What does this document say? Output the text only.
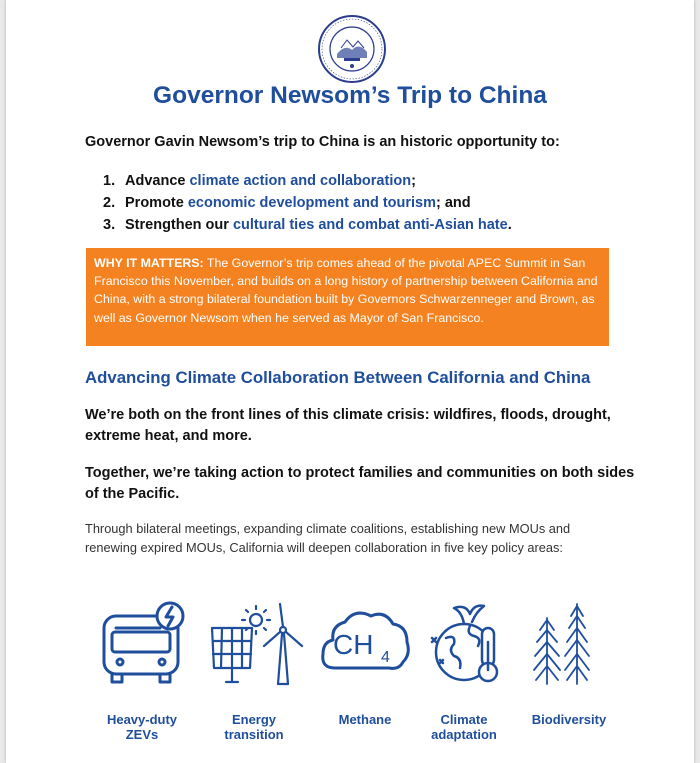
Governor Newsom’s Trip to China

Governor Gavin Newsom’s trip to China is an historic opportunity to:

1. Advance climate action and collaboration;
2. Promote economic development and tourism; and
3. Strengthen our cultural ties and combat anti-Asian hate.
WHY IT MATTERS: The Governor’s trip comes ahead of the pivotal APEC Summit in San Francisco this November, and builds on a long history of partnership between California and China, with a strong bilateral foundation built by Governors Schwarzenneger and Brown, as well as Governor Newsom when he served as Mayor of San Francisco.
Advancing Climate Collaboration Between California and China

We’re both on the front lines of this climate crisis: wildfires, floods, drought, extreme heat, and more.

Together, we’re taking action to protect families and communities on both sides of the Pacific.

Through bilateral meetings, expanding climate coalitions, establishing new MOUs and renewing expired MOUs, California will deepen collaboration in five key policy areas:

CH 4
Heavy-duty
ZEVs
Energy
transition
Methane	Climate
adaptation
Biodiversity
